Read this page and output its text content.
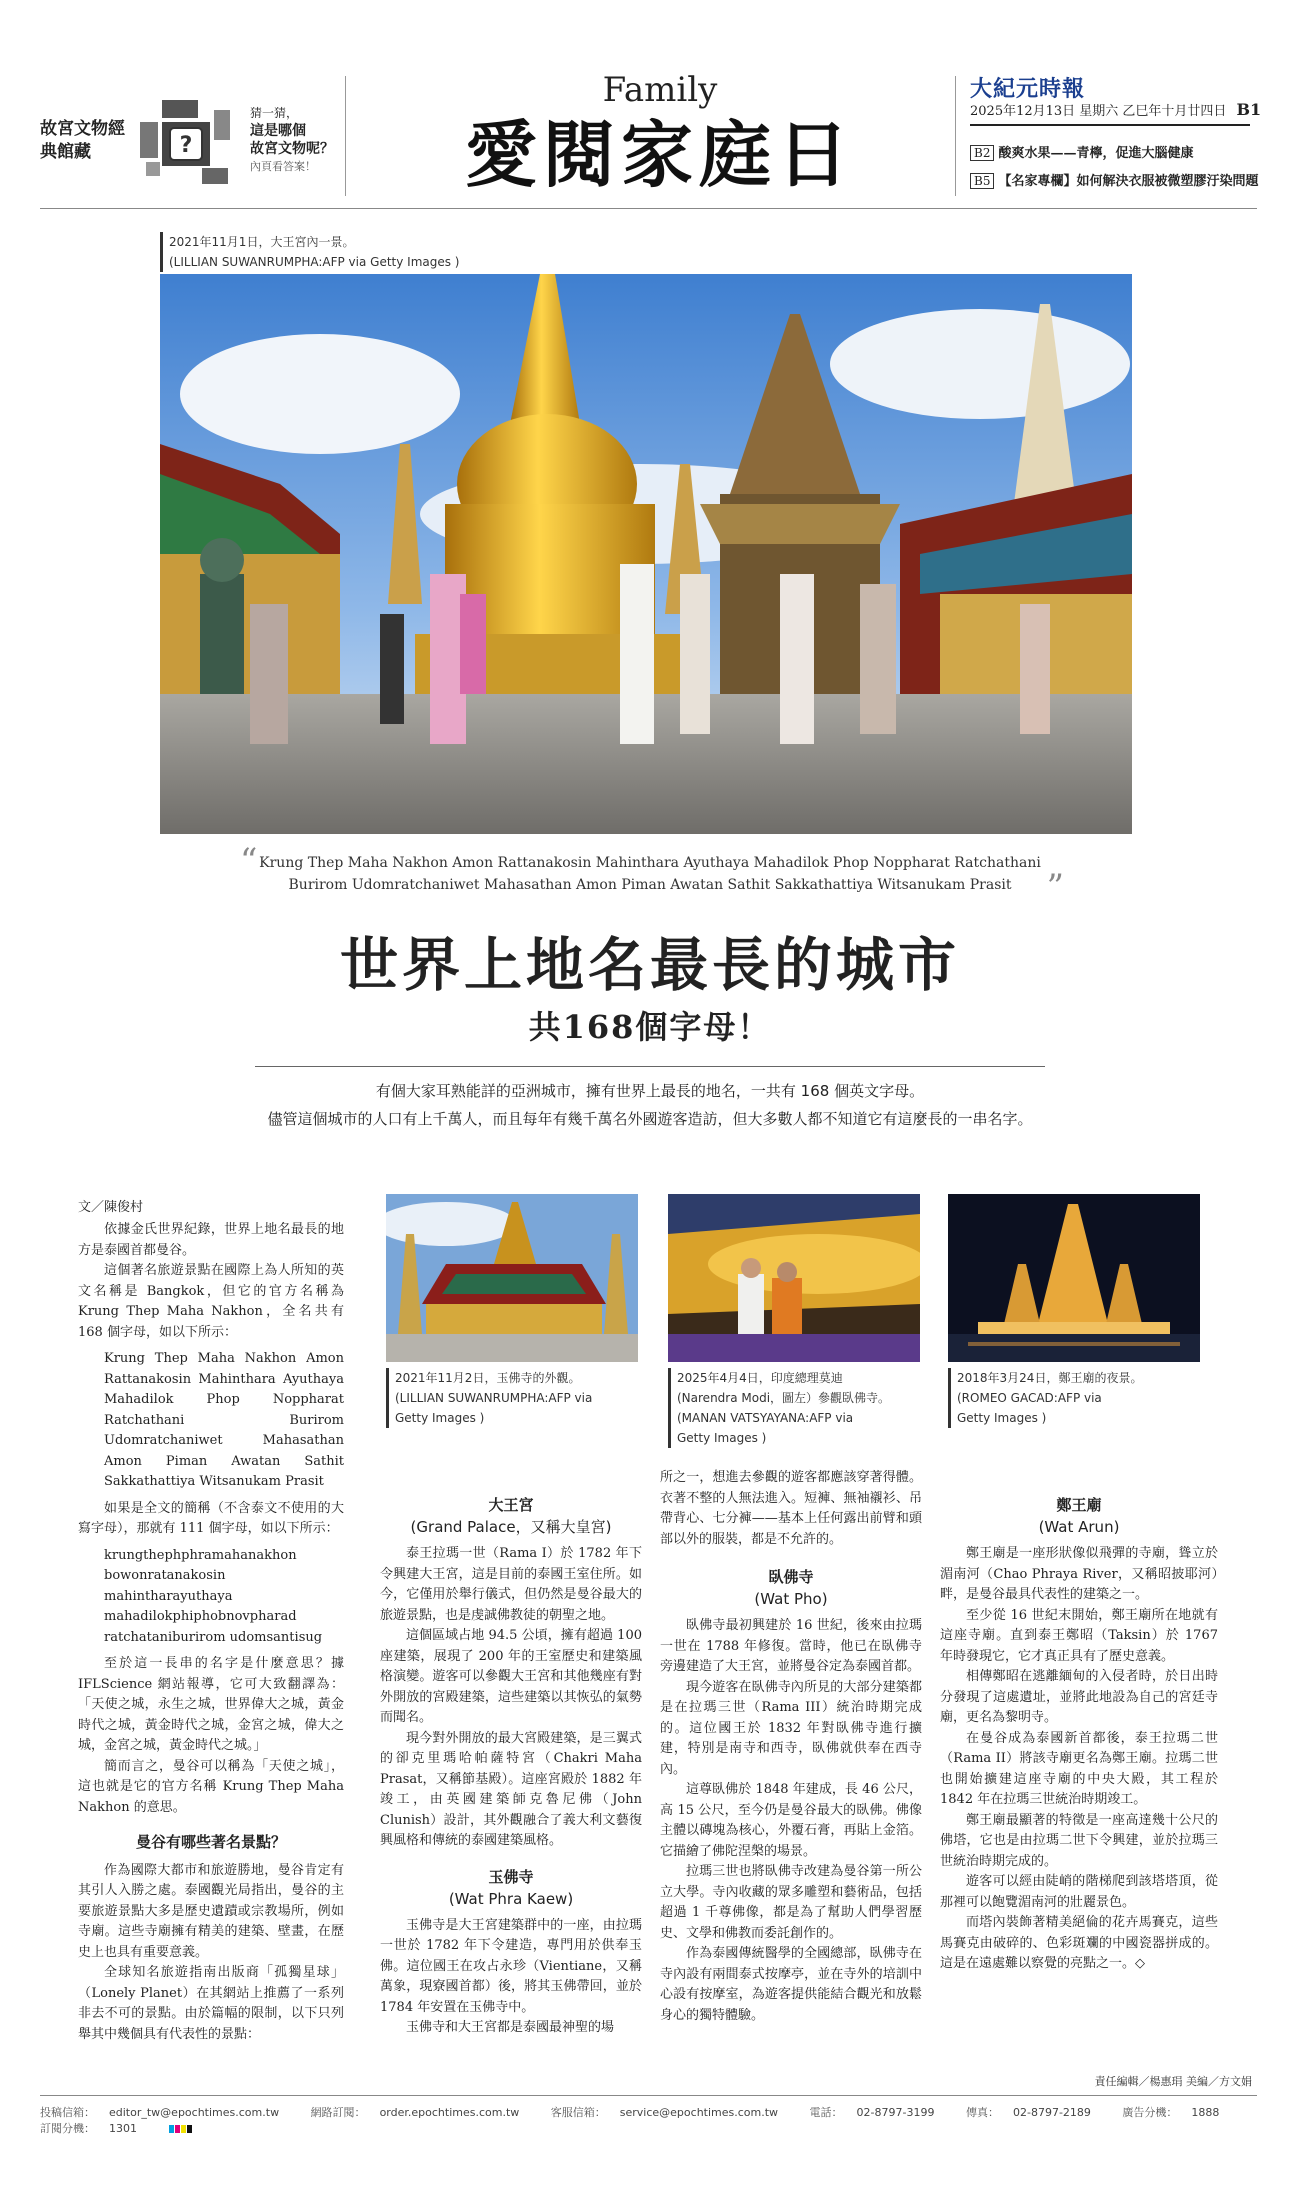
故宮文物經典館藏	?
猜一猜，
這是哪個
故宮文物呢？
內頁看答案！
Family
愛閱家庭日
大紀元時報
2025年12月13日 星期六 乙巳年十月廿四日 B1
B2 酸爽水果——青檸，促進大腦健康
B5 【名家專欄】如何解決衣服被微塑膠汙染問題
2021年11月1日，大王宮內一景。
(LILLIAN SUWANRUMPHA:AFP via Getty Images )
“ Krung Thep Maha Nakhon Amon Rattanakosin Mahinthara Ayuthaya Mahadilok Phop Noppharat Ratchathani
Burirom Udomratchaniwet Mahasathan Amon Piman Awatan Sathit Sakkathattiya Witsanukam Prasit	”
世界上地名最長的城市
共168個字母！
有個大家耳熟能詳的亞洲城市，擁有世界上最長的地名，一共有 168 個英文字母。
儘管這個城市的人口有上千萬人，而且每年有幾千萬名外國遊客造訪，但大多數人都不知道它有這麼長的一串名字。
文／陳俊村

依據金氏世界紀錄，世界上地名最長的地方是泰國首都曼谷。

這個著名旅遊景點在國際上為人所知的英文名稱是 Bangkok，但它的官方名稱為 Krung Thep Maha Nakhon，全名共有 168 個字母，如以下所示：

Krung Thep Maha Nakhon Amon Rattanakosin Mahinthara Ayuthaya Mahadilok Phop Noppharat Ratchathani Burirom Udomratchaniwet Mahasathan Amon Piman Awatan Sathit Sakkathattiya Witsanukam Prasit

如果是全文的簡稱（不含泰文不使用的大寫字母），那就有 111 個字母，如以下所示：

krungthephphramahanakhon bowonratanakosin mahintharayuthaya mahadilokphiphobnovpharad ratchataniburirom udomsantisug

至於這一長串的名字是什麼意思？據 IFLScience 網站報導，它可大致翻譯為：「天使之城，永生之城，世界偉大之城，黃金時代之城，黃金時代之城，金宮之城，偉大之城，金宮之城，黃金時代之城。」

簡而言之，曼谷可以稱為「天使之城」，這也就是它的官方名稱 Krung Thep Maha Nakhon 的意思。

曼谷有哪些著名景點？

作為國際大都市和旅遊勝地，曼谷肯定有其引人入勝之處。泰國觀光局指出，曼谷的主要旅遊景點大多是歷史遺蹟或宗教場所，例如寺廟。這些寺廟擁有精美的建築、壁畫，在歷史上也具有重要意義。

全球知名旅遊指南出版商「孤獨星球」（Lonely Planet）在其網站上推薦了一系列非去不可的景點。由於篇幅的限制，以下只列舉其中幾個具有代表性的景點：

2021年11月2日，玉佛寺的外觀。
(LILLIAN SUWANRUMPHA:AFP via
Getty Images )
大王宮
(Grand Palace，又稱大皇宮)

泰王拉瑪一世（Rama I）於 1782 年下令興建大王宮，這是目前的泰國王室住所。如今，它僅用於舉行儀式，但仍然是曼谷最大的旅遊景點，也是虔誠佛教徒的朝聖之地。

這個區域占地 94.5 公頃，擁有超過 100 座建築，展現了 200 年的王室歷史和建築風格演變。遊客可以參觀大王宮和其他幾座有對外開放的宮殿建築，這些建築以其恢弘的氣勢而聞名。

現今對外開放的最大宮殿建築，是三翼式的卻克里瑪哈帕薩特宮（Chakri Maha Prasat，又稱節基殿）。這座宮殿於 1882 年竣工，由英國建築師克魯尼佛（John Clunish）設計，其外觀融合了義大利文藝復興風格和傳統的泰國建築風格。

玉佛寺
(Wat Phra Kaew)

玉佛寺是大王宮建築群中的一座，由拉瑪一世於 1782 年下令建造，專門用於供奉玉佛。這位國王在攻占永珍（Vientiane，又稱萬象，現寮國首都）後，將其玉佛帶回，並於 1784 年安置在玉佛寺中。

玉佛寺和大王宮都是泰國最神聖的場

2025年4月4日，印度總理莫迪
(Narendra Modi，圖左）參觀臥佛寺。
(MANAN VATSYAYANA:AFP via
Getty Images )

所之一，想進去參觀的遊客都應該穿著得體。衣著不整的人無法進入。短褲、無袖襯衫、吊帶背心、七分褲——基本上任何露出前臂和頭部以外的服裝，都是不允許的。

臥佛寺
(Wat Pho)

臥佛寺最初興建於 16 世紀，後來由拉瑪一世在 1788 年修復。當時，他已在臥佛寺旁邊建造了大王宮，並將曼谷定為泰國首都。

現今遊客在臥佛寺內所見的大部分建築都是在拉瑪三世（Rama III）統治時期完成的。這位國王於 1832 年對臥佛寺進行擴建，特別是南寺和西寺，臥佛就供奉在西寺內。

這尊臥佛於 1848 年建成，長 46 公尺，高 15 公尺，至今仍是曼谷最大的臥佛。佛像主體以磚塊為核心，外覆石膏，再貼上金箔。它描繪了佛陀涅槃的場景。

拉瑪三世也將臥佛寺改建為曼谷第一所公立大學。寺內收藏的眾多雕塑和藝術品，包括超過 1 千尊佛像，都是為了幫助人們學習歷史、文學和佛教而委託創作的。

作為泰國傳統醫學的全國總部，臥佛寺在寺內設有兩間泰式按摩亭，並在寺外的培訓中心設有按摩室，為遊客提供能結合觀光和放鬆身心的獨特體驗。

2018年3月24日，鄭王廟的夜景。
(ROMEO GACAD:AFP via
Getty Images )
鄭王廟
(Wat Arun)

鄭王廟是一座形狀像似飛彈的寺廟，聳立於湄南河（Chao Phraya River，又稱昭披耶河）畔，是曼谷最具代表性的建築之一。

至少從 16 世紀末開始，鄭王廟所在地就有這座寺廟。直到泰王鄭昭（Taksin）於 1767 年時發現它，它才真正具有了歷史意義。

相傳鄭昭在逃離緬甸的入侵者時，於日出時分發現了這處遺址，並將此地設為自己的宮廷寺廟，更名為黎明寺。

在曼谷成為泰國新首都後，泰王拉瑪二世（Rama II）將該寺廟更名為鄭王廟。拉瑪二世也開始擴建這座寺廟的中央大殿，其工程於 1842 年在拉瑪三世統治時期竣工。

鄭王廟最顯著的特徵是一座高達幾十公尺的佛塔，它也是由拉瑪二世下令興建，並於拉瑪三世統治時期完成的。

遊客可以經由陡峭的階梯爬到該塔塔頂，從那裡可以飽覽湄南河的壯麗景色。

而塔內裝飾著精美絕倫的花卉馬賽克，這些馬賽克由破碎的、色彩斑斕的中國瓷器拼成的。這是在遠處難以察覺的亮點之一。◇

責任編輯／楊惠琄 美編／方文娟
投稿信箱： editor_tw@epochtimes.com.tw	網路訂閱： order.epochtimes.com.tw	客服信箱： service@epochtimes.com.tw	電話： 02-8797-3199	傳真： 02-8797-2189	廣告分機： 1888 訂閱分機： 1301
